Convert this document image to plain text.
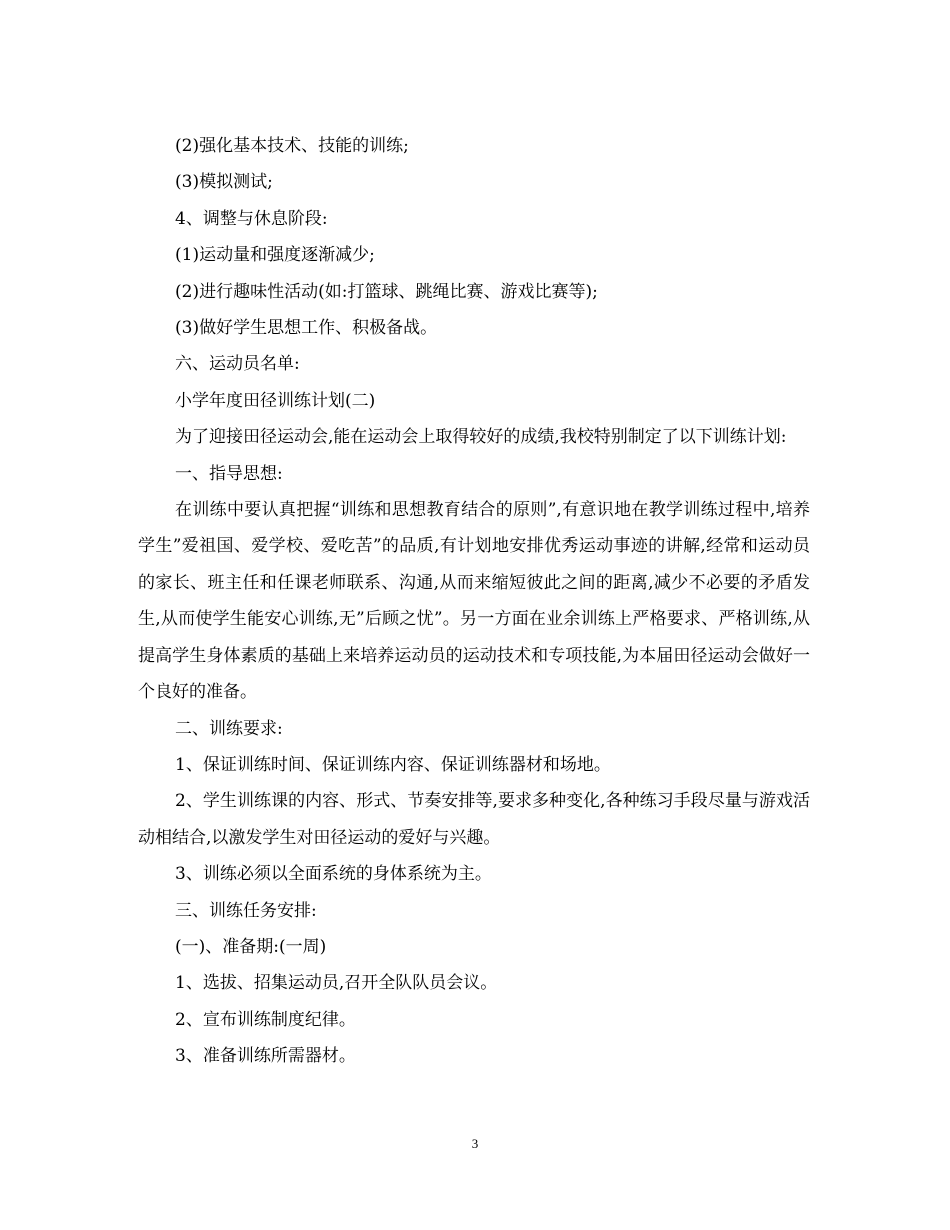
(2)强化基本技术、技能的训练;

(3)模拟测试;

4、调整与休息阶段:

(1)运动量和强度逐渐减少;

(2)进行趣味性活动(如:打篮球、跳绳比赛、游戏比赛等);

(3)做好学生思想工作、积极备战。

六、运动员名单:

小学年度田径训练计划(二)

为了迎接田径运动会,能在运动会上取得较好的成绩,我校特别制定了以下训练计划:

一、指导思想:

在训练中要认真把握“训练和思想教育结合的原则”,有意识地在教学训练过程中,培养学生”爱祖国、爱学校、爱吃苦”的品质,有计划地安排优秀运动事迹的讲解,经常和运动员的家长、班主任和任课老师联系、沟通,从而来缩短彼此之间的距离,减少不必要的矛盾发生,从而使学生能安心训练,无”后顾之忧”。另一方面在业余训练上严格要求、严格训练,从提高学生身体素质的基础上来培养运动员的运动技术和专项技能,为本届田径运动会做好一个良好的准备。

二、训练要求:

1、保证训练时间、保证训练内容、保证训练器材和场地。

2、学生训练课的内容、形式、节奏安排等,要求多种变化,各种练习手段尽量与游戏活动相结合,以激发学生对田径运动的爱好与兴趣。

3、训练必须以全面系统的身体系统为主。

三、训练任务安排:

(一)、准备期:(一周)

1、选拔、招集运动员,召开全队队员会议。

2、宣布训练制度纪律。

3、准备训练所需器材。

3
